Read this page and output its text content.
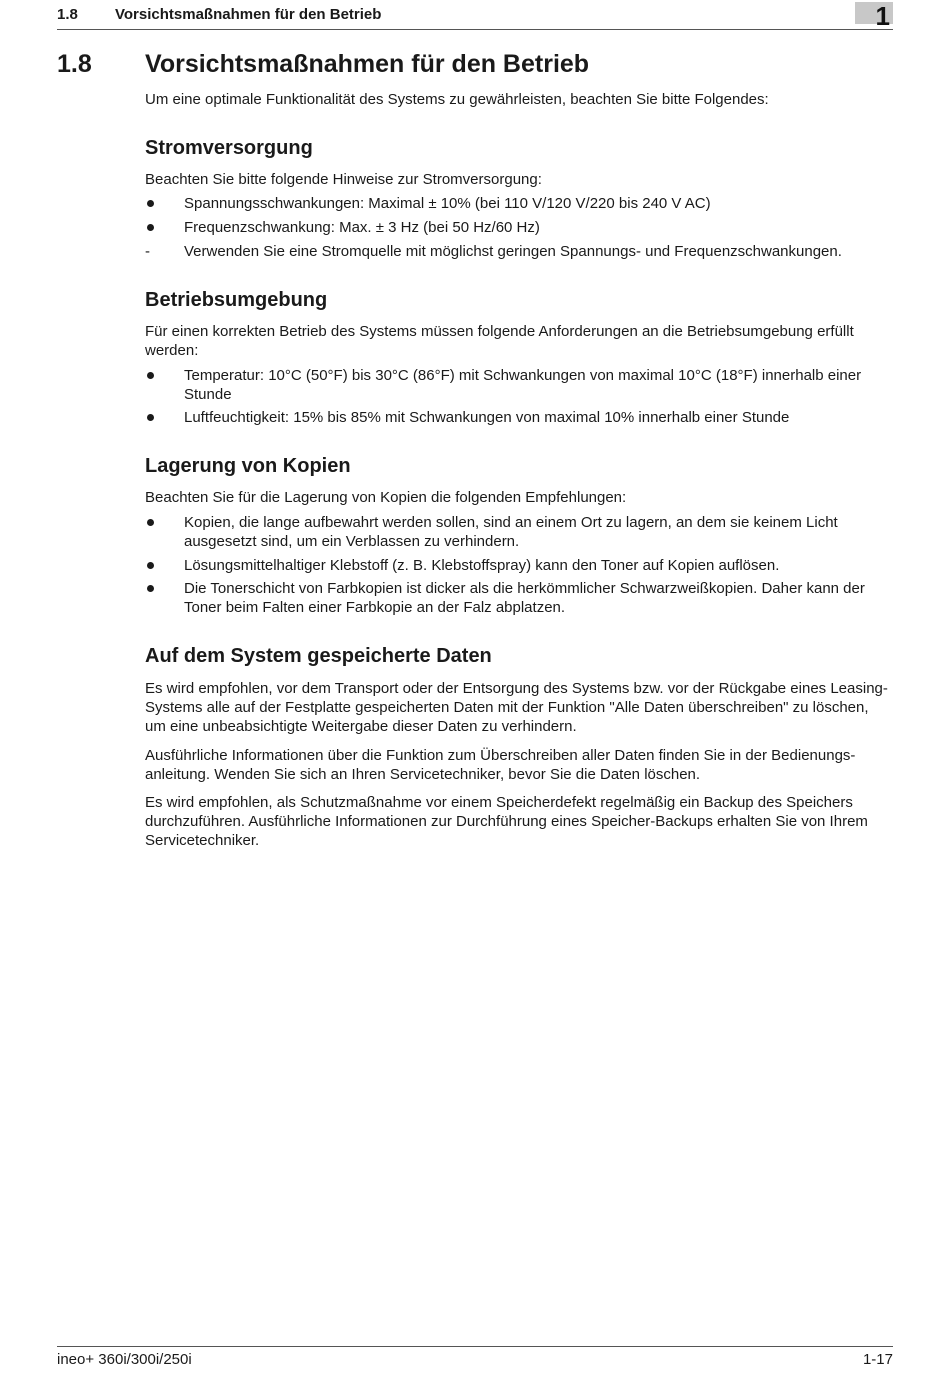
1.8 Vorsichtsmaßnahmen für den Betrieb	1
1.8 Vorsichtsmaßnahmen für den Betrieb

Um eine optimale Funktionalität des Systems zu gewährleisten, beachten Sie bitte Folgendes:

Stromversorgung

Beachten Sie bitte folgende Hinweise zur Stromversorgung:

Spannungsschwankungen: Maximal ± 10% (bei 110 V/120 V/220 bis 240 V AC)
Frequenzschwankung: Max. ± 3 Hz (bei 50 Hz/60 Hz)
-	Verwenden Sie eine Stromquelle mit möglichst geringen Spannungs- und Frequenzschwankungen.
Betriebsumgebung

Für einen korrekten Betrieb des Systems müssen folgende Anforderungen an die Betriebsumgebung erfüllt werden:

Temperatur: 10°C (50°F) bis 30°C (86°F) mit Schwankungen von maximal 10°C (18°F) innerhalb einer Stunde
Luftfeuchtigkeit: 15% bis 85% mit Schwankungen von maximal 10% innerhalb einer Stunde
Lagerung von Kopien

Beachten Sie für die Lagerung von Kopien die folgenden Empfehlungen:

Kopien, die lange aufbewahrt werden sollen, sind an einem Ort zu lagern, an dem sie keinem Licht ausgesetzt sind, um ein Verblassen zu verhindern.
Lösungsmittelhaltiger Klebstoff (z. B. Klebstoffspray) kann den Toner auf Kopien auflösen.
Die Tonerschicht von Farbkopien ist dicker als die herkömmlicher Schwarzweißkopien. Daher kann der Toner beim Falten einer Farbkopie an der Falz abplatzen.
Auf dem System gespeicherte Daten

Es wird empfohlen, vor dem Transport oder der Entsorgung des Systems bzw. vor der Rückgabe eines Leasing-Systems alle auf der Festplatte gespeicherten Daten mit der Funktion "Alle Daten überschreiben" zu löschen, um eine unbeabsichtigte Weitergabe dieser Daten zu verhindern.

Ausführliche Informationen über die Funktion zum Überschreiben aller Daten finden Sie in der Bedienungs-anleitung. Wenden Sie sich an Ihren Servicetechniker, bevor Sie die Daten löschen.

Es wird empfohlen, als Schutzmaßnahme vor einem Speicherdefekt regelmäßig ein Backup des Speichers durchzuführen. Ausführliche Informationen zur Durchführung eines Speicher-Backups erhalten Sie von Ihrem Servicetechniker.

ineo+ 360i/300i/250i	1-17
